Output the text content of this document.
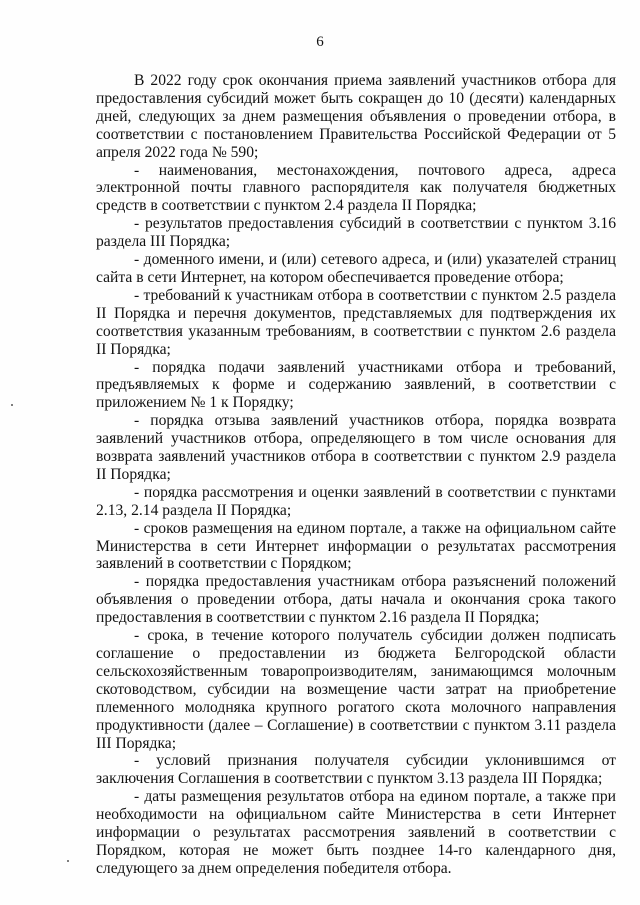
6

В 2022 году срок окончания приема заявлений участников отбора для предоставления субсидий может быть сокращен до 10 (десяти) календарных дней, следующих за днем размещения объявления о проведении отбора, в соответствии с постановлением Правительства Российской Федерации от 5 апреля 2022 года № 590;

- наименования, местонахождения, почтового адреса, адреса электронной почты главного распорядителя как получателя бюджетных средств в соответствии с пунктом 2.4 раздела II Порядка;

- результатов предоставления субсидий в соответствии с пунктом 3.16 раздела III Порядка;

- доменного имени, и (или) сетевого адреса, и (или) указателей страниц сайта в сети Интернет, на котором обеспечивается проведение отбора;

- требований к участникам отбора в соответствии с пунктом 2.5 раздела II Порядка и перечня документов, представляемых для подтверждения их соответствия указанным требованиям, в соответствии с пунктом 2.6 раздела II Порядка;

- порядка подачи заявлений участниками отбора и требований, предъявляемых к форме и содержанию заявлений, в соответствии с приложением № 1 к Порядку;

- порядка отзыва заявлений участников отбора, порядка возврата заявлений участников отбора, определяющего в том числе основания для возврата заявлений участников отбора в соответствии с пунктом 2.9 раздела II Порядка;

- порядка рассмотрения и оценки заявлений в соответствии с пунктами 2.13, 2.14 раздела II Порядка;

- сроков размещения на едином портале, а также на официальном сайте Министерства в сети Интернет информации о результатах рассмотрения заявлений в соответствии с Порядком;

- порядка предоставления участникам отбора разъяснений положений объявления о проведении отбора, даты начала и окончания срока такого предоставления в соответствии с пунктом 2.16 раздела II Порядка;

- срока, в течение которого получатель субсидии должен подписать соглашение о предоставлении из бюджета Белгородской области сельскохозяйственным товаропроизводителям, занимающимся молочным скотоводством, субсидии на возмещение части затрат на приобретение племенного молодняка крупного рогатого скота молочного направления продуктивности (далее – Соглашение) в соответствии с пунктом 3.11 раздела III Порядка;

- условий признания получателя субсидии уклонившимся от заключения Соглашения в соответствии с пунктом 3.13 раздела III Порядка;

- даты размещения результатов отбора на едином портале, а также при необходимости на официальном сайте Министерства в сети Интернет информации о результатах рассмотрения заявлений в соответствии с Порядком, которая не может быть позднее 14-го календарного дня, следующего за днем определения победителя отбора.
